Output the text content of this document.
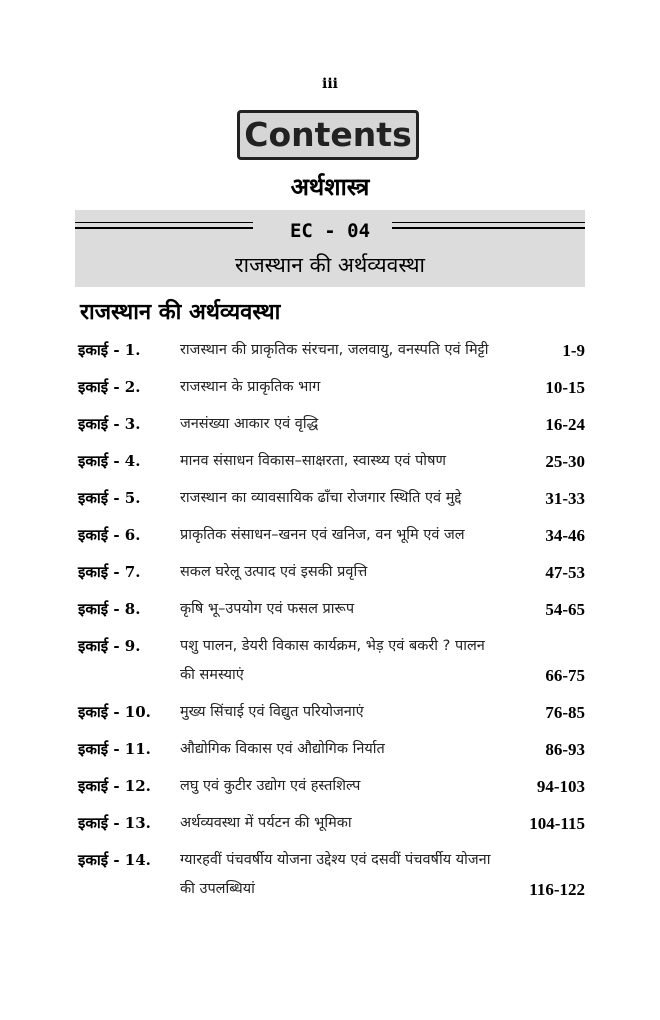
iii
Contents
अर्थशास्त्र
EC - 04
राजस्थान की अर्थव्यवस्था
राजस्थान की अर्थव्यवस्था
इकाई - 1.	राजस्थान की प्राकृतिक संरचना, जलवायु, वनस्पति एवं मिट्टी	1-9
इकाई - 2.	राजस्थान के प्राकृतिक भाग	10-15
इकाई - 3.	जनसंख्या आकार एवं वृद्धि	16-24
इकाई - 4.	मानव संसाधन विकास–साक्षरता, स्वास्थ्य एवं पोषण	25-30
इकाई - 5.	राजस्थान का व्यावसायिक ढाँचा रोजगार स्थिति एवं मुद्दे	31-33
इकाई - 6.	प्राकृतिक संसाधन–खनन एवं खनिज, वन भूमि एवं जल	34-46
इकाई - 7.	सकल घरेलू उत्पाद एवं इसकी प्रवृत्ति	47-53
इकाई - 8.	कृषि भू–उपयोग एवं फसल प्रारूप	54-65
इकाई - 9.	पशु पालन, डेयरी विकास कार्यक्रम, भेड़ एवं बकरी ? पालन की समस्याएं	66-75
इकाई - 10.	मुख्य सिंचाई एवं विद्युत परियोजनाएं	76-85
इकाई - 11.	औद्योगिक विकास एवं औद्योगिक निर्यात	86-93
इकाई - 12.	लघु एवं कुटीर उद्योग एवं हस्तशिल्प	94-103
इकाई - 13.	अर्थव्यवस्था में पर्यटन की भूमिका	104-115
इकाई - 14.	ग्यारहवीं पंचवर्षीय योजना उद्देश्य एवं दसवीं पंचवर्षीय योजना की उपलब्धियां	116-122
